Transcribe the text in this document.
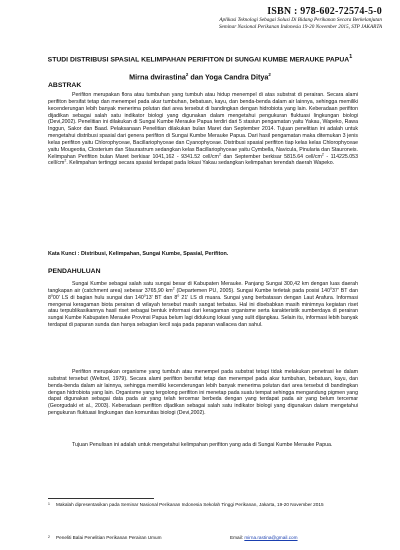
ISBN : 978-602-72574-5-0
Aplikasi Teknologi Sebagai Solusi Di Bidang Perikanan Secara Berkelanjutan
Seminar Nasional Perikanan Indonesia 19-20 November 2015, STP JAKARTA
STUDI DISTRIBUSI SPASIAL KELIMPAHAN PERIFITON DI SUNGAI KUMBE MERAUKE PAPUA$^1$
Mirna dwirastina$^2$ dan Yoga Candra Ditya$^2$
ABSTRAK
Perifiton merupakan flora atau tumbuhan yang tumbuh atau hidup menempel di atas substrat di perairan. Secara alami perifiton bersifat tetap dan menempel pada akar tumbuhan, bebatuan, kayu, dan benda-benda dalam air lainnya, sehingga memiliki kecenderungan lebih banyak menerima polutan dari area tersebut di bandingkan dengan hidrobiota yang lain. Keberadaan perifiton dijadikan sebagai salah satu indikator biologi yang digunakan dalam mengetahui pengukuran fluktuasi lingkungan biologi (Devi,2002). Penelitian ini dilakukan di Sungai Kumbe Merauke Papua terdiri dari 5 stasiun pengamatan yaitu Yakau, Wapeko, Rawa Inggun, Sakor dan Baad. Pelaksanaan Penelitian dilakukan bulan Maret dan September 2014. Tujuan penelitian ini adalah untuk mengetahui distribusi spasial dari genera perifiton di Sungai Kumbe Merauke Papua. Dari hasil pengamatan maka ditemukan 3 jenis kelas perifiton yaitu Chlorophyceae, Bacillariophyceae dan Cyanophyceae. Distribusi spasial perifiton tiap kelas kelas Chlorophyceae yaitu Mougeotia, Closterium dan Staurastrum sedangkan kelas Bacillariophyceae yaitu Cymbella, Navicula, Pinularia dan Stauroneis. Kelimpahan Perifiton bulan Maret berkisar 1041,162 - 9341.52 cell/$cm^2$ dan September berkisar 5815.64 cell/$cm^2 - 114225.053$ cell/$cm^2$. Kelimpahan tertinggi secara spasial terdapat pada lokasi Yakau sedangkan kelimpahan terendah daerah Wapeko.
Kata Kunci : Distribusi, Kelimpahan, Sungai Kumbe, Spasial, Perifiton.
PENDAHULUAN
Sungai Kumbe sebagai salah satu sungai besar di Kabupaten Merauke. Panjang Sungai 300,42 km dengan luas daerah tangkapan air (catchment area) sebesar 3765,90 $km^2$ (Departemen PU, 2005). Sungai Kumbe terletak pada posisi 140$^o$37' BT dan 8$^o$00' LS di bagian hulu sungai dan 140$^o$13' BT dan 8$^o$ 21' LS di muara. Sungai yang berbatasan dengan Laut Arafura. Informasi mengenai keragaman biota perairan di wilayah tersebut masih sangat terbatas. Hal ini disebabkan masih minimnya kegiatan riset atau terpublikasikannya hasil riset sebagai bentuk informasi dari keragaman organisme serta karakteristik sumberdaya di perairan sungai Kumbe Kabupaten Merauke Provinsi Papua belum lagi didukung lokasi yang sulit dijangkau. Selain itu, informasi lebih banyak terdapat di paparan sunda dan hanya sebagian kecil saja pada paparan wallacea dan sahul.
Perifiton merupakan organisme yang tumbuh atau menempel pada substrat tetapi tidak melakukan penetrasi ke dalam substrat tersebut (Weltzel, 1979). Secara alami perifiton bersifat tetap dan menempel pada akar tumbuhan, bebatuan, kayu, dan benda-benda dalam air lainnya, sehingga memiliki kecenderungan lebih banyak menerima polutan dari area tersebut di bandingkan dengan hidrobiota yang lain. Organisme yang tergolong perifiton ini menetap pada suatu tempat sehingga mengandung pigmen yang dapat digunakan sebagai data pada air yang telah tercemar berbeda dengan yang terdapat pada air yang belum tercemar (Georgudaki et al., 2003). Keberadaan perifiton dijadikan sebagai salah satu indikator biologi yang digunakan dalam mengetahui pengukuran fluktuasi lingkungan dan komunitas biologi (Devi,2002).
Tujuan Penulisan ini adalah untuk mengetahui kelimpahan perifiton yang ada di Sungai Kumbe Merauke Papua.
1 Makalah dipresentasikan pada Seminar Nasional Perikanan Indonesia Sekolah Tinggi Perikanan, Jakarta, 19-20 November 2015
2 Peneliti Balai Penelitian Perikanan Perairan Umum	Email: mirna.rastina@gmail.com
